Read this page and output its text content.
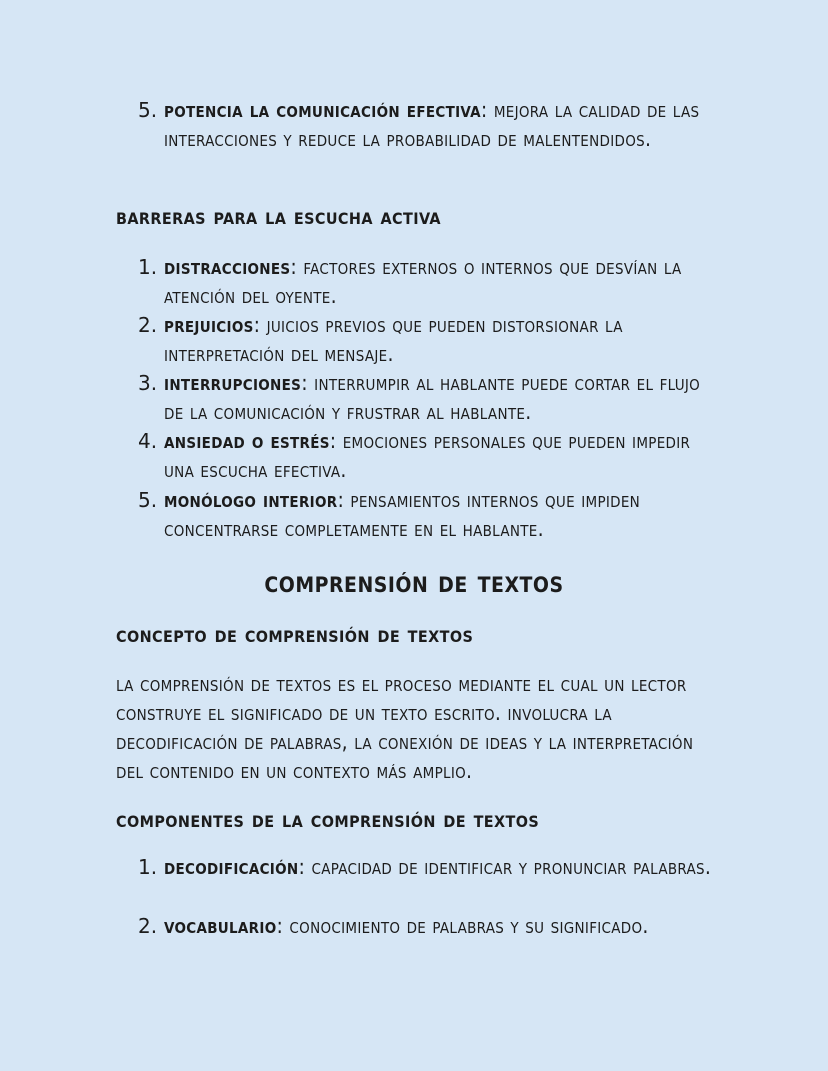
5. potencia la comunicación efectiva: mejora la calidad de las interacciones y reduce la probabilidad de malentendidos.
barreras para la escucha activa
1. distracciones: factores externos o internos que desvían la atención del oyente.
2. prejuicios: juicios previos que pueden distorsionar la interpretación del mensaje.
3. interrupciones: interrumpir al hablante puede cortar el flujo de la comunicación y frustrar al hablante.
4. ansiedad o estrés: emociones personales que pueden impedir una escucha efectiva.
5. monólogo interior: pensamientos internos que impiden concentrarse completamente en el hablante.
comprensión de textos
concepto de comprensión de textos
la comprensión de textos es el proceso mediante el cual un lector construye el significado de un texto escrito. involucra la decodificación de palabras, la conexión de ideas y la interpretación del contenido en un contexto más amplio.
componentes de la comprensión de textos
1. decodificación: capacidad de identificar y pronunciar palabras.
2. vocabulario: conocimiento de palabras y su significado.
